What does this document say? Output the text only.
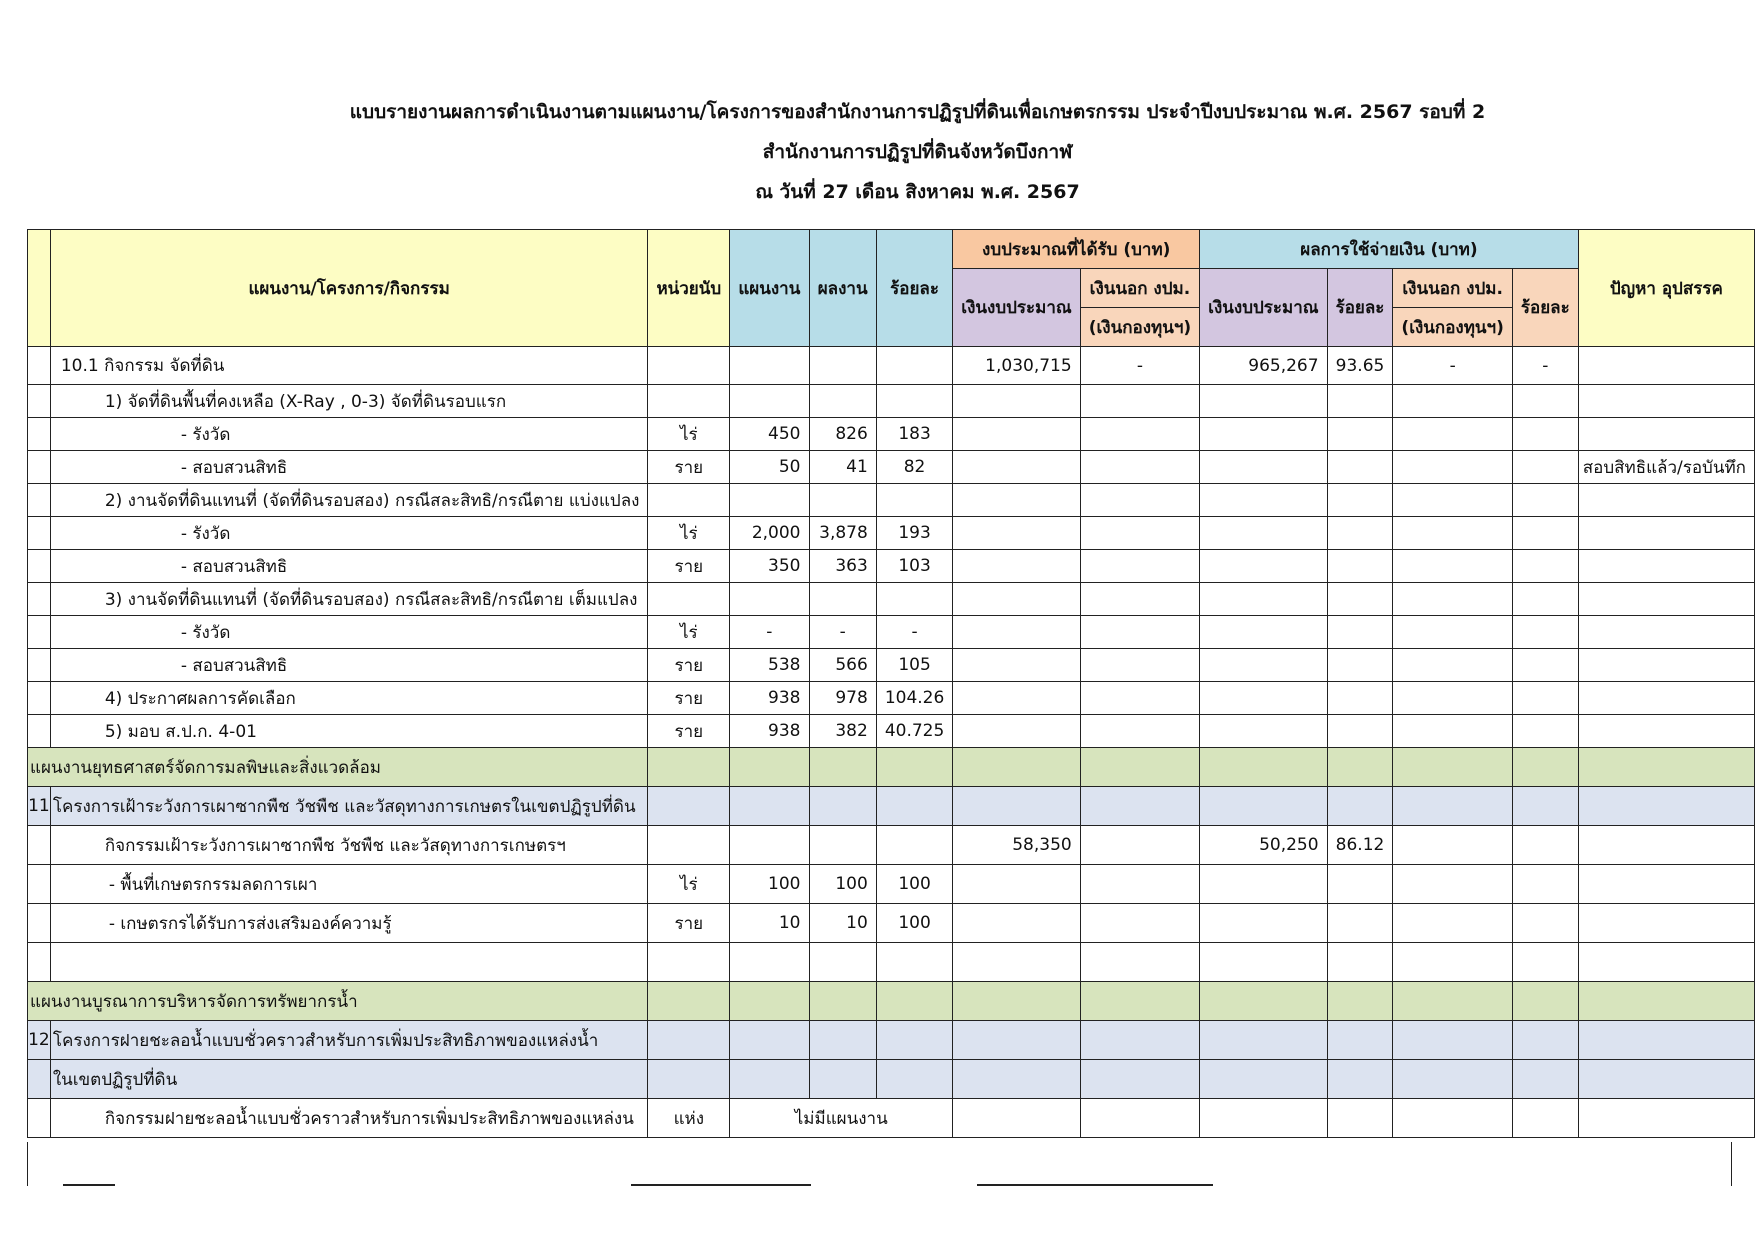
แบบรายงานผลการดำเนินงานตามแผนงาน/โครงการของสำนักงานการปฏิรูปที่ดินเพื่อเกษตรกรรม ประจำปีงบประมาณ พ.ศ. 2567 รอบที่ 2
สำนักงานการปฏิรูปที่ดินจังหวัดบึงกาฬ
ณ วันที่ 27 เดือน สิงหาคม พ.ศ. 2567
	แผนงาน/โครงการ/กิจกรรม	หน่วยนับ	แผนงาน	ผลงาน	ร้อยละ	งบประมาณที่ได้รับ (บาท)		ผลการใช้จ่ายเงิน (บาท)				ปัญหา อุปสรรค
						เงินงบประมาณ	เงินนอก งปม.	เงินงบประมาณ	ร้อยละ	เงินนอก งปม.	ร้อยละ	
							(เงินกองทุนฯ)			(เงินกองทุนฯ)		
	10.1 กิจกรรม จัดที่ดิน					1,030,715	-	965,267	93.65	-	-	
	1) จัดที่ดินพื้นที่คงเหลือ (X-Ray , 0-3) จัดที่ดินรอบแรก											
	- รังวัด	ไร่	450	826	183							
	- สอบสวนสิทธิ	ราย	50	41	82							สอบสิทธิแล้ว/รอบันทึก
	2) งานจัดที่ดินแทนที่ (จัดที่ดินรอบสอง) กรณีสละสิทธิ/กรณีตาย แบ่งแปลง											
	- รังวัด	ไร่	2,000	3,878	193							
	- สอบสวนสิทธิ	ราย	350	363	103							
	3) งานจัดที่ดินแทนที่ (จัดที่ดินรอบสอง) กรณีสละสิทธิ/กรณีตาย เต็มแปลง											
	- รังวัด	ไร่	-	-	-							
	- สอบสวนสิทธิ	ราย	538	566	105							
	4) ประกาศผลการคัดเลือก	ราย	938	978	104.26							
	5) มอบ ส.ป.ก. 4-01	ราย	938	382	40.725							
แผนงานยุทธศาสตร์จัดการมลพิษและสิ่งแวดล้อม												
11	โครงการเฝ้าระวังการเผาซากพืช วัชพืช และวัสดุทางการเกษตรในเขตปฏิรูปที่ดิน											
	กิจกรรมเฝ้าระวังการเผาซากพืช วัชพืช และวัสดุทางการเกษตรฯ					58,350		50,250	86.12			
	- พื้นที่เกษตรกรรมลดการเผา	ไร่	100	100	100							
	- เกษตรกรได้รับการส่งเสริมองค์ความรู้	ราย	10	10	100							

แผนงานบูรณาการบริหารจัดการทรัพยากรน้ำ												
12	โครงการฝายชะลอน้ำแบบชั่วคราวสำหรับการเพิ่มประสิทธิภาพของแหล่งน้ำ											
	ในเขตปฏิรูปที่ดิน											
	กิจกรรมฝายชะลอน้ำแบบชั่วคราวสำหรับการเพิ่มประสิทธิภาพของแหล่งน	แห่ง	ไม่มีแผนงาน									
